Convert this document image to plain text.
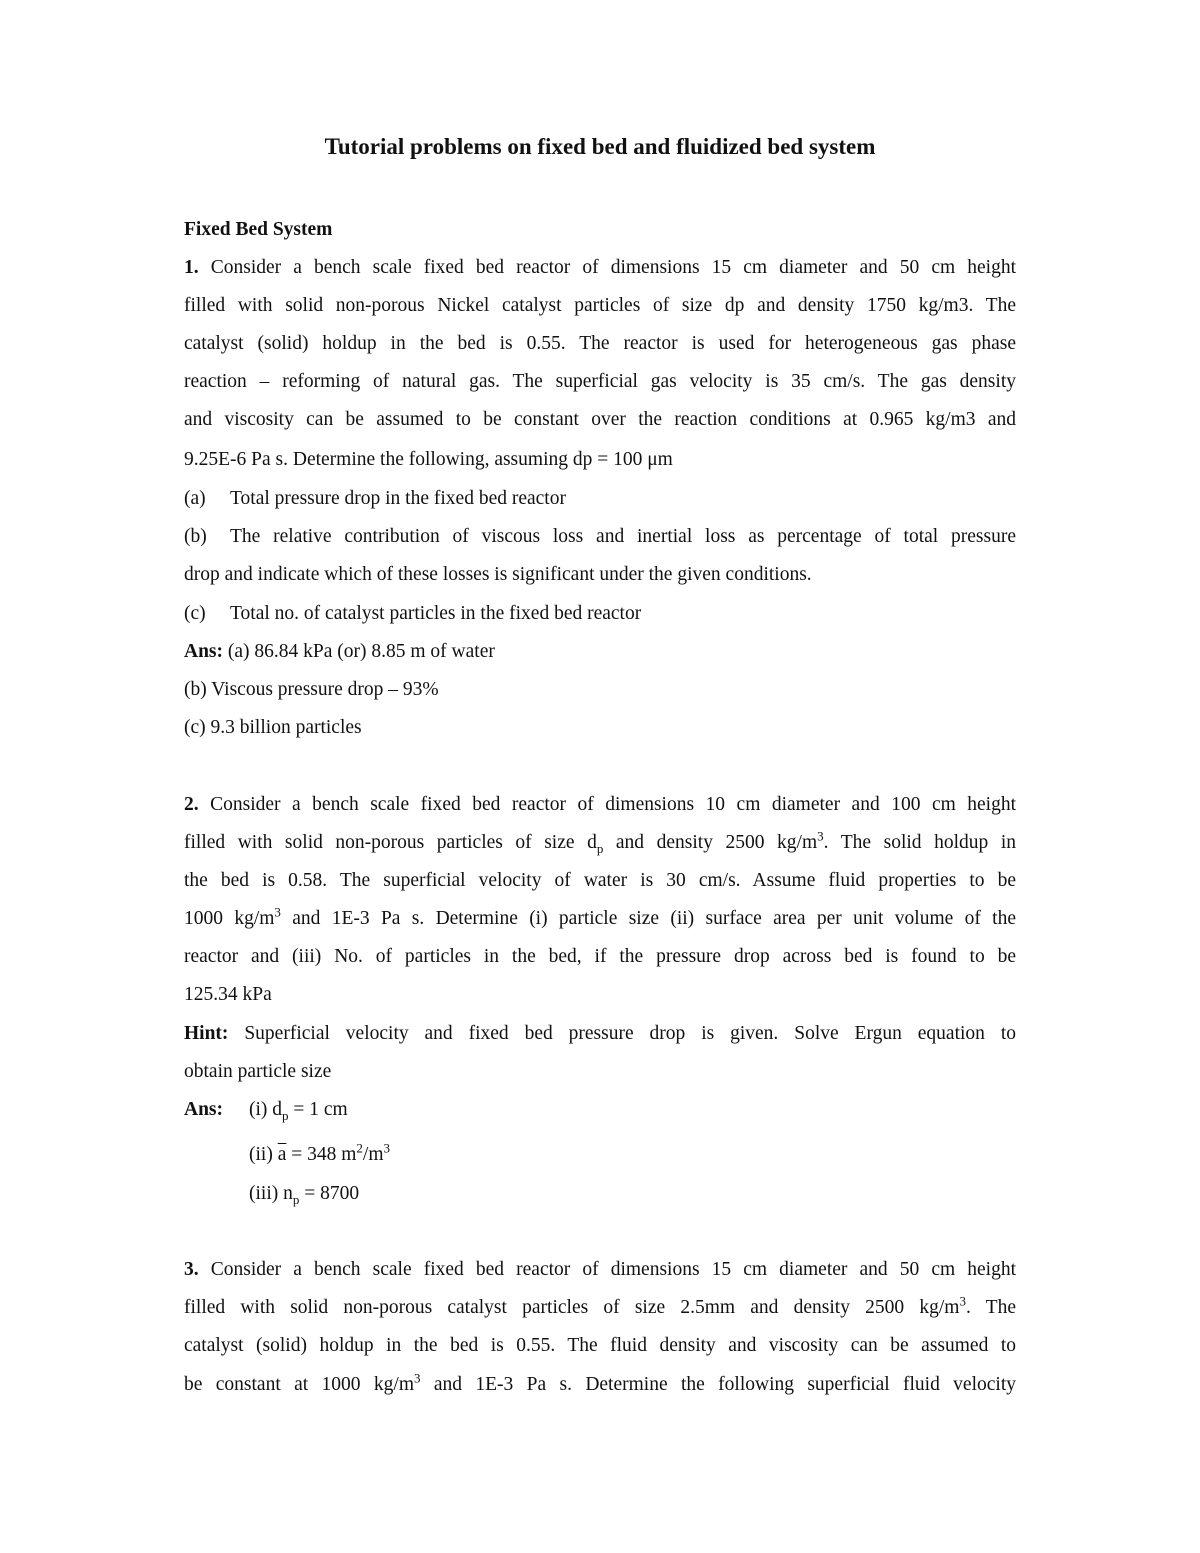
Tutorial problems on fixed bed and fluidized bed system
Fixed Bed System
1. Consider a bench scale fixed bed reactor of dimensions 15 cm diameter and 50 cm height
filled with solid non-porous Nickel catalyst particles of size dp and density 1750 kg/m3. The
catalyst (solid) holdup in the bed is 0.55. The reactor is used for heterogeneous gas phase
reaction – reforming of natural gas. The superficial gas velocity is 35 cm/s. The gas density
and viscosity can be assumed to be constant over the reaction conditions at 0.965 kg/m3 and
9.25E-6 Pa s. Determine the following, assuming dp = 100 μm
(a) Total pressure drop in the fixed bed reactor
(b) The relative contribution of viscous loss and inertial loss as percentage of total pressure
drop and indicate which of these losses is significant under the given conditions.
(c) Total no. of catalyst particles in the fixed bed reactor
Ans: (a) 86.84 kPa (or) 8.85 m of water
(b) Viscous pressure drop – 93%
(c) 9.3 billion particles
2. Consider a bench scale fixed bed reactor of dimensions 10 cm diameter and 100 cm height
filled with solid non-porous particles of size $d_p$ and density 2500 $kg/m^3$. The solid holdup in
the bed is 0.58. The superficial velocity of water is 30 cm/s. Assume fluid properties to be
1000 $kg/m^3$ and 1E-3 Pa s. Determine (i) particle size (ii) surface area per unit volume of the
reactor and (iii) No. of particles in the bed, if the pressure drop across bed is found to be
125.34 kPa
Hint: Superficial velocity and fixed bed pressure drop is given. Solve Ergun equation to
obtain particle size
Ans: (i) $d_p = 1$ cm
(ii) $\overline{a} = 348$ $m^2/m^3$
(iii) $n_p = 8700$
3. Consider a bench scale fixed bed reactor of dimensions 15 cm diameter and 50 cm height
filled with solid non-porous catalyst particles of size 2.5mm and density 2500 $kg/m^3$. The
catalyst (solid) holdup in the bed is 0.55. The fluid density and viscosity can be assumed to
be constant at 1000 $kg/m^3$ and 1E-3 Pa s. Determine the following superficial fluid velocity
